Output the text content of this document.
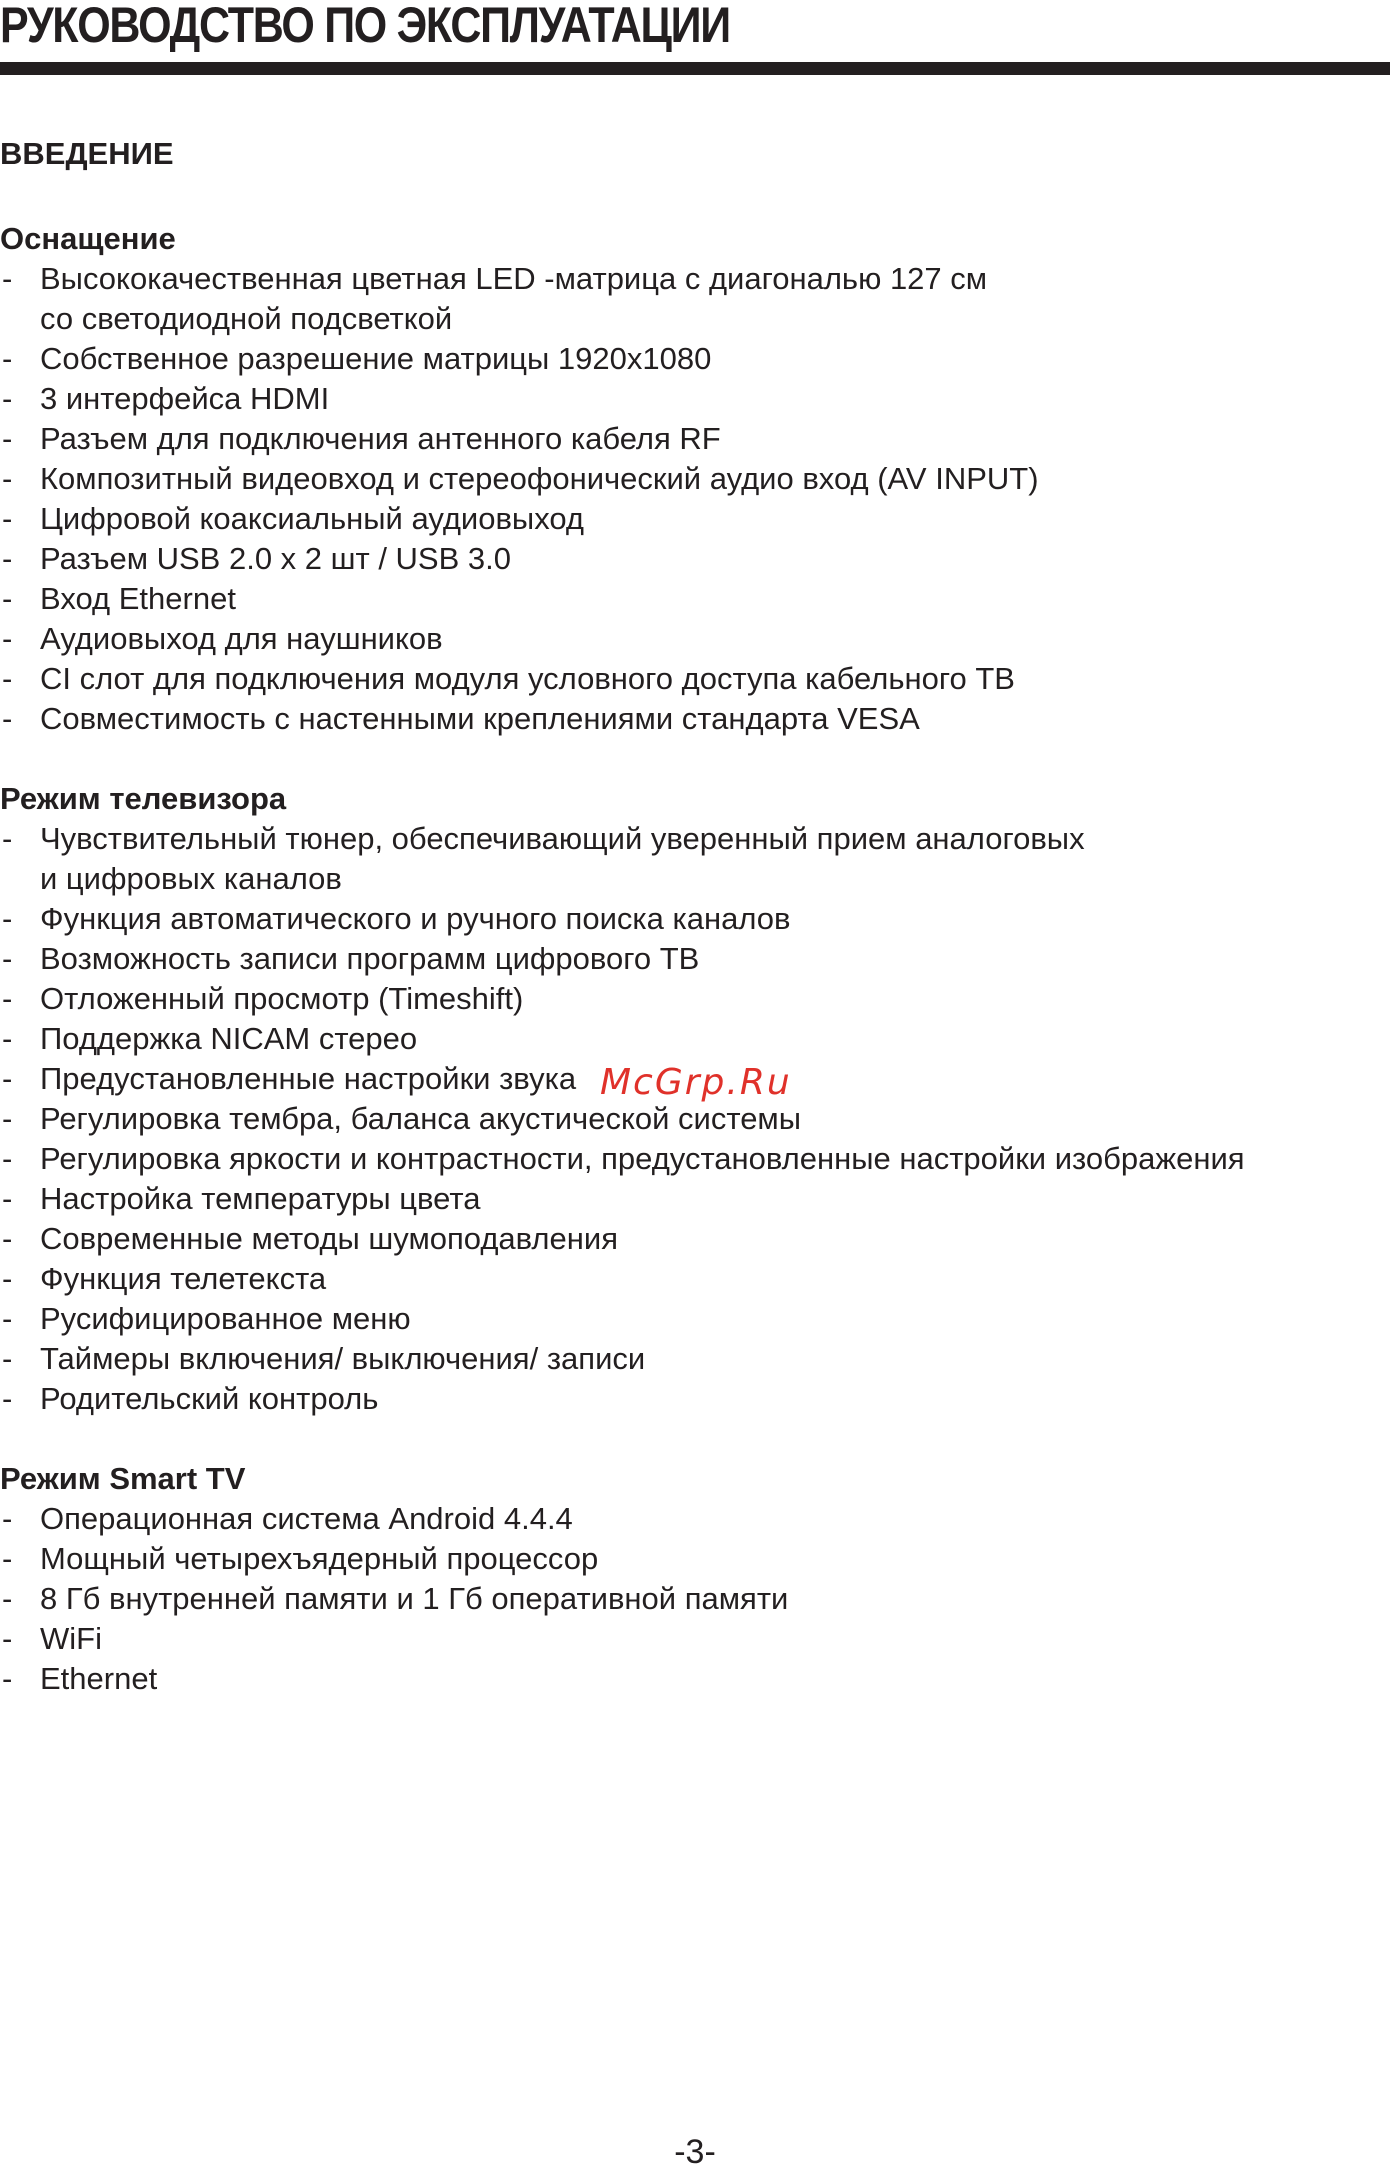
РУКОВОДСТВО ПО ЭКСПЛУАТАЦИИ
ВВЕДЕНИЕ
Оснащение
- Высококачественная цветная LED -матрица с диагональю 127 см
со светодиодной подсветкой
- Собственное разрешение матрицы 1920х1080
- 3 интерфейса HDMI
- Разъем для подключения антенного кабеля RF
- Композитный видеовход и стереофонический аудио вход (AV INPUT)
- Цифровой коаксиальный аудиовыход
- Разъем USB 2.0 х 2 шт / USB 3.0
- Вход Ethernet
- Аудиовыход для наушников
- CI слот для подключения модуля условного доступа кабельного ТВ
- Совместимость с настенными креплениями стандарта VESA
Режим телевизора
- Чувствительный тюнер, обеспечивающий уверенный прием аналоговых
и цифровых каналов
- Функция автоматического и ручного поиска каналов
- Возможность записи программ цифрового ТВ
- Отложенный просмотр (Timeshift)
- Поддержка NICAM стерео
- Предустановленные настройки звука
- Регулировка тембра, баланса акустической системы
- Регулировка яркости и контрастности, предустановленные настройки изображения
- Настройка температуры цвета
- Современные методы шумоподавления
- Функция телетекста
- Русифицированное меню
- Таймеры включения/ выключения/ записи
- Родительский контроль
Режим Smart TV
- Операционная система Android 4.4.4
- Мощный четырехъядерный процессор
- 8 Гб внутренней памяти и 1 Гб оперативной памяти
- WiFi
- Ethernet
McGrp.Ru
-3-
